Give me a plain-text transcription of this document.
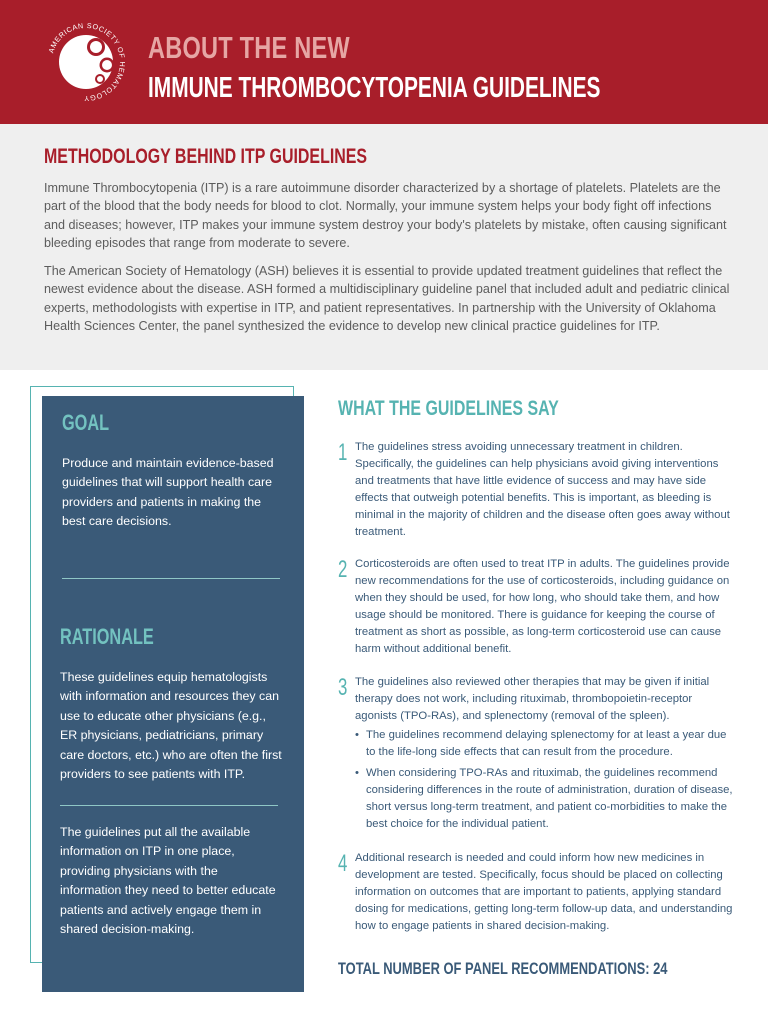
AMERICAN SOCIETY OF HEMATOLOGY
ABOUT THE NEW
IMMUNE THROMBOCYTOPENIA GUIDELINES
METHODOLOGY BEHIND ITP GUIDELINES

Immune Thrombocytopenia (ITP) is a rare autoimmune disorder characterized by a shortage of platelets. Platelets are the part of the blood that the body needs for blood to clot. Normally, your immune system helps your body fight off infections and diseases; however, ITP makes your immune system destroy your body's platelets by mistake, often causing significant bleeding episodes that range from moderate to severe.

The American Society of Hematology (ASH) believes it is essential to provide updated treatment guidelines that reflect the newest evidence about the disease. ASH formed a multidisciplinary guideline panel that included adult and pediatric clinical experts, methodologists with expertise in ITP, and patient representatives. In partnership with the University of Oklahoma Health Sciences Center, the panel synthesized the evidence to develop new clinical practice guidelines for ITP.

GOAL

Produce and maintain evidence-based guidelines that will support health care providers and patients in making the best care decisions.

RATIONALE

These guidelines equip hematologists with information and resources they can use to educate other physicians (e.g., ER physicians, pediatricians, primary care doctors, etc.) who are often the first providers to see patients with ITP.

The guidelines put all the available information on ITP in one place, providing physicians with the information they need to better educate patients and actively engage them in shared decision-making.

WHAT THE GUIDELINES SAY
1 The guidelines stress avoiding unnecessary treatment in children. Specifically, the guidelines can help physicians avoid giving interventions and treatments that have little evidence of success and may have side effects that outweigh potential benefits. This is important, as bleeding is minimal in the majority of children and the disease often goes away without treatment.

2 Corticosteroids are often used to treat ITP in adults. The guidelines provide new recommendations for the use of corticosteroids, including guidance on when they should be used, for how long, who should take them, and how usage should be monitored. There is guidance for keeping the course of treatment as short as possible, as long-term corticosteroid use can cause harm without additional benefit.

3 The guidelines also reviewed other therapies that may be given if initial therapy does not work, including rituximab, thrombopoietin-receptor agonists (TPO-RAs), and splenectomy (removal of the spleen).

• The guidelines recommend delaying splenectomy for at least a year due to the life-long side effects that can result from the procedure.
• When considering TPO-RAs and rituximab, the guidelines recommend considering differences in the route of administration, duration of disease, short versus long-term treatment, and patient co-morbidities to make the best choice for the individual patient.
4 Additional research is needed and could inform how new medicines in development are tested. Specifically, focus should be placed on collecting information on outcomes that are important to patients, applying standard dosing for medications, getting long-term follow-up data, and understanding how to engage patients in shared decision-making.

TOTAL NUMBER OF PANEL RECOMMENDATIONS: 24
